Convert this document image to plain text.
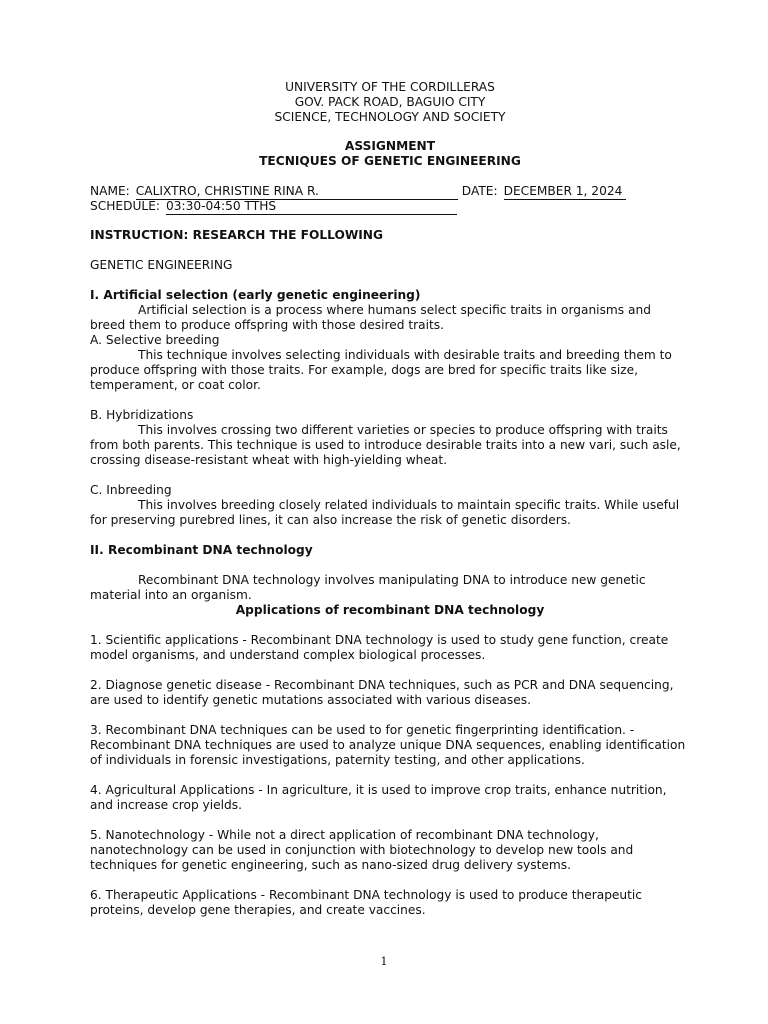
UNIVERSITY OF THE CORDILLERAS
GOV. PACK ROAD, BAGUIO CITY
SCIENCE, TECHNOLOGY AND SOCIETY
ASSIGNMENT
TECNIQUES OF GENETIC ENGINEERING
NAME: CALIXTRO, CHRISTINE RINA R.	DATE: DECEMBER 1, 2024
SCHEDULE: 03:30-04:50 TTHS

INSTRUCTION: RESEARCH THE FOLLOWING

GENETIC ENGINEERING

I. Artificial selection (early genetic engineering)

Artificial selection is a process where humans select specific traits in organisms and breed them to produce offspring with those desired traits.

A. Selective breeding

This technique involves selecting individuals with desirable traits and breeding them to produce offspring with those traits. For example, dogs are bred for specific traits like size, temperament, or coat color.

B. Hybridizations

This involves crossing two different varieties or species to produce offspring with traits from both parents. This technique is used to introduce desirable traits into a new vari, such asle, crossing disease-resistant wheat with high-yielding wheat.

C. Inbreeding

This involves breeding closely related individuals to maintain specific traits. While useful for preserving purebred lines, it can also increase the risk of genetic disorders.

II. Recombinant DNA technology

Recombinant DNA technology involves manipulating DNA to introduce new genetic material into an organism.

Applications of recombinant DNA technology

1. Scientific applications - Recombinant DNA technology is used to study gene function, create model organisms, and understand complex biological processes.

2. Diagnose genetic disease - Recombinant DNA techniques, such as PCR and DNA sequencing, are used to identify genetic mutations associated with various diseases.

3. Recombinant DNA techniques can be used to for genetic fingerprinting identification. - Recombinant DNA techniques are used to analyze unique DNA sequences, enabling identification of individuals in forensic investigations, paternity testing, and other applications.

4. Agricultural Applications - In agriculture, it is used to improve crop traits, enhance nutrition, and increase crop yields.

5. Nanotechnology - While not a direct application of recombinant DNA technology, nanotechnology can be used in conjunction with biotechnology to develop new tools and techniques for genetic engineering, such as nano-sized drug delivery systems.

6. Therapeutic Applications - Recombinant DNA technology is used to produce therapeutic proteins, develop gene therapies, and create vaccines.

1
